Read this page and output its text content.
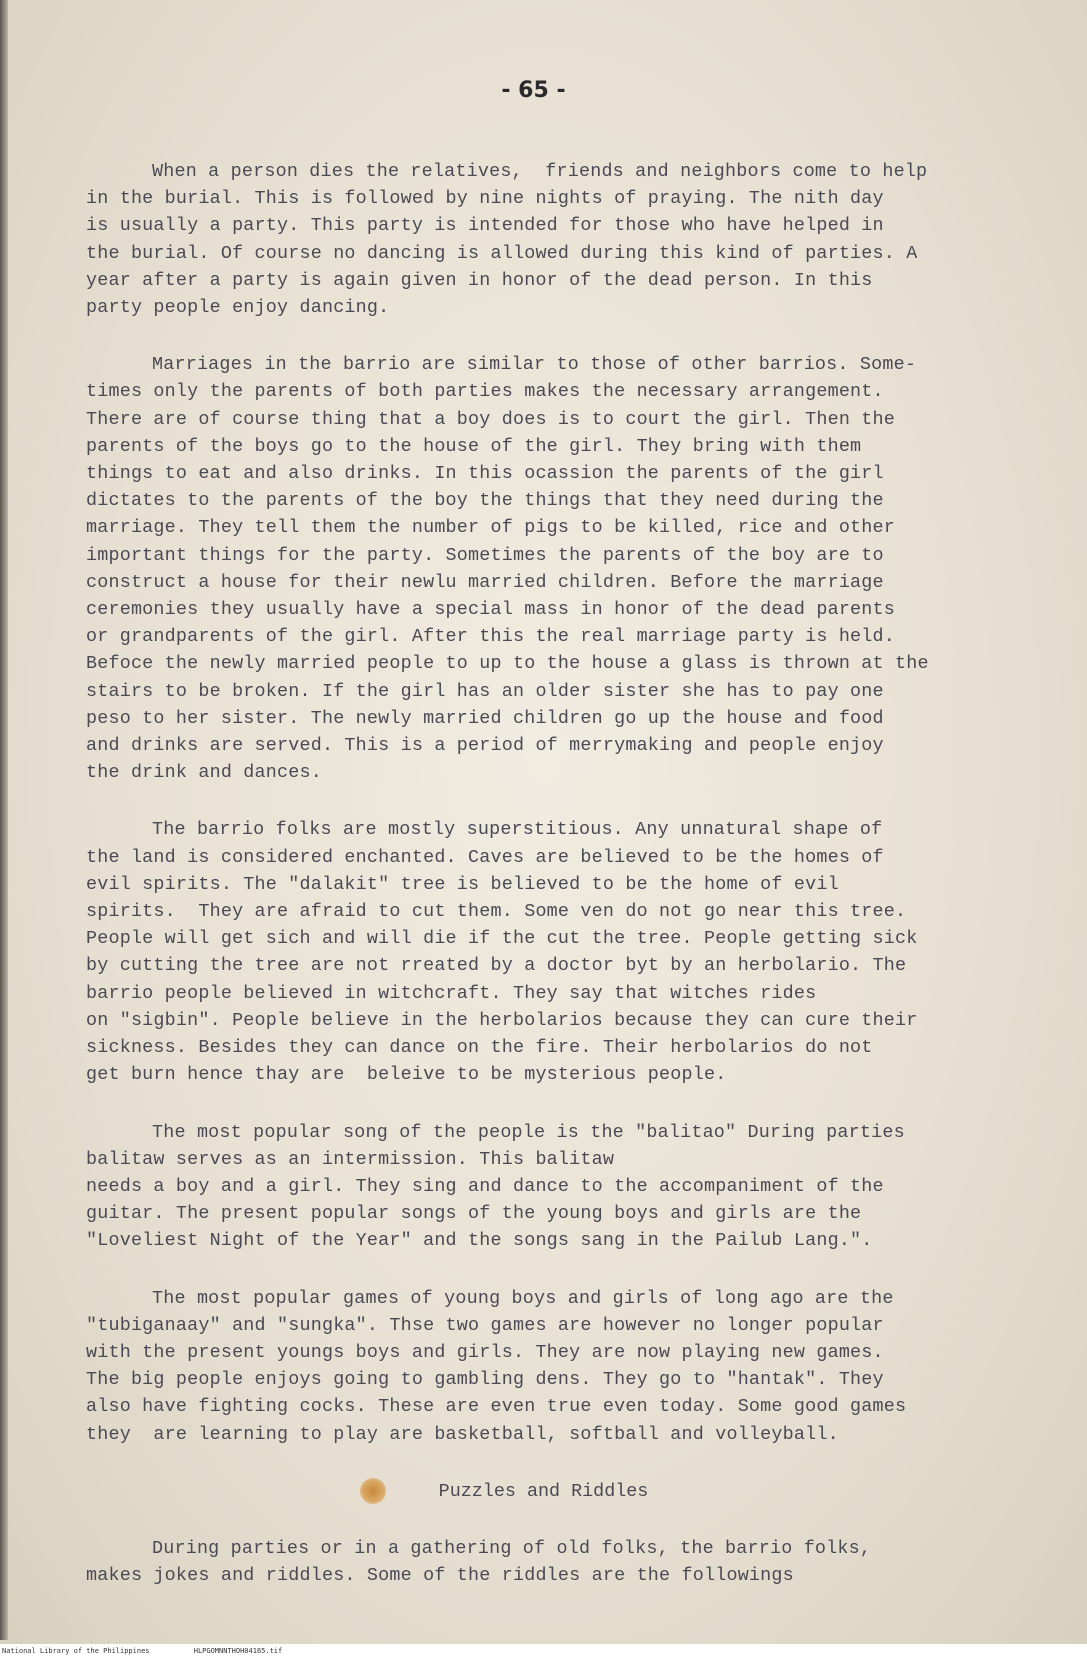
- 65 -
When a person dies the relatives,  friends and neighbors come to help
in the burial. This is followed by nine nights of praying. The nith day
is usually a party. This party is intended for those who have helped in
the burial. Of course no dancing is allowed during this kind of parties. A
year after a party is again given in honor of the dead person. In this
party people enjoy dancing.
Marriages in the barrio are similar to those of other barrios. Some-
times only the parents of both parties makes the necessary arrangement.
There are of course thing that a boy does is to court the girl. Then the
parents of the boys go to the house of the girl. They bring with them
things to eat and also drinks. In this ocassion the parents of the girl
dictates to the parents of the boy the things that they need during the
marriage. They tell them the number of pigs to be killed, rice and other
important things for the party. Sometimes the parents of the boy are to
construct a house for their newlu married children. Before the marriage
ceremonies they usually have a special mass in honor of the dead parents
or grandparents of the girl. After this the real marriage party is held.
Befoce the newly married people to up to the house a glass is thrown at the
stairs to be broken. If the girl has an older sister she has to pay one
peso to her sister. The newly married children go up the house and food
and drinks are served. This is a period of merrymaking and people enjoy
the drink and dances.
The barrio folks are mostly superstitious. Any unnatural shape of
the land is considered enchanted. Caves are believed to be the homes of
evil spirits. The "dalakit" tree is believed to be the home of evil
spirits.  They are afraid to cut them. Some ven do not go near this tree.
People will get sich and will die if the cut the tree. People getting sick
by cutting the tree are not rreated by a doctor byt by an herbolario. The
barrio people believed in witchcraft. They say that witches rides
on "sigbin". People believe in the herbolarios because they can cure their
sickness. Besides they can dance on the fire. Their herbolarios do not
get burn hence thay are  beleive to be mysterious people.
The most popular song of the people is the "balitao" During parties
balitaw serves as an intermission. This balitaw
needs a boy and a girl. They sing and dance to the accompaniment of the
guitar. The present popular songs of the young boys and girls are the
"Loveliest Night of the Year" and the songs sang in the Pailub Lang.".
The most popular games of young boys and girls of long ago are the
"tubiganaay" and "sungka". Thse two games are however no longer popular
with the present youngs boys and girls. They are now playing new games.
The big people enjoys going to gambling dens. They go to "hantak". They
also have fighting cocks. These are even true even today. Some good games
they  are learning to play are basketball, softball and volleyball.
Puzzles and Riddles
During parties or in a gathering of old folks, the barrio folks,
makes jokes and riddles. Some of the riddles are the followings
National Library of the Philippines	HLPGOMNNTHOH04165.tif
